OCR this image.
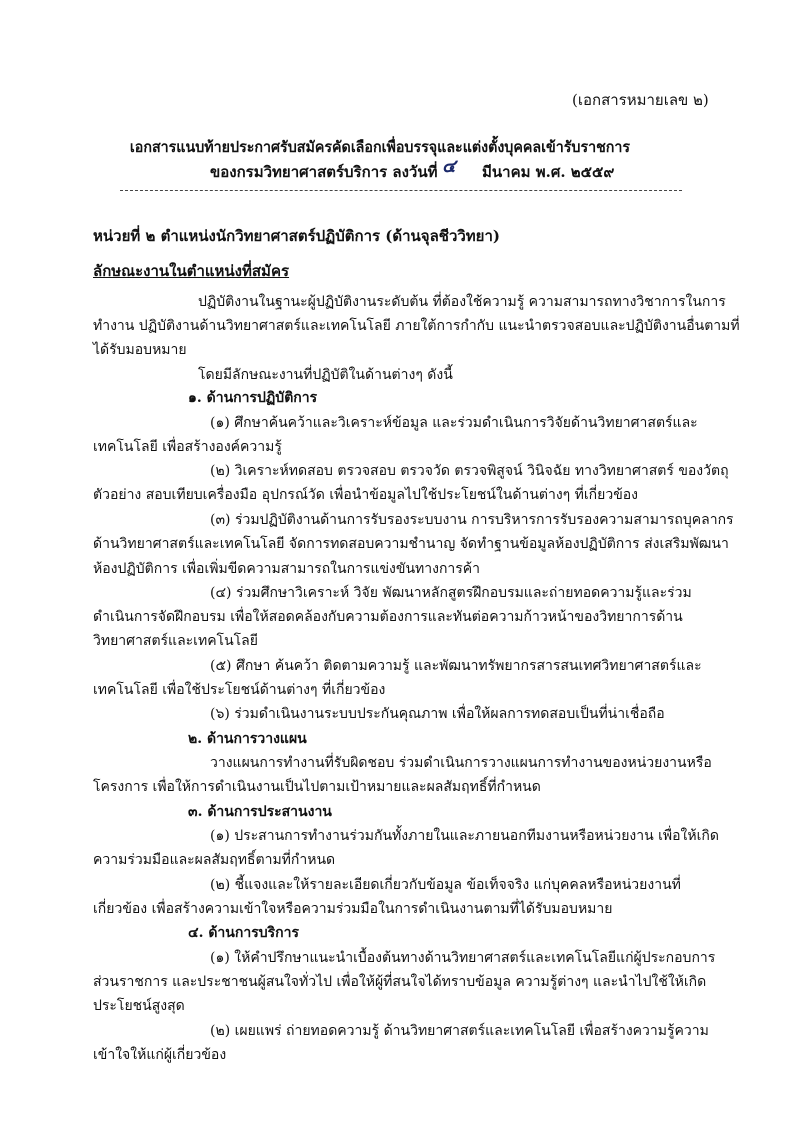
(เอกสารหมายเลข ๒)
เอกสารแนบท้ายประกาศรับสมัครคัดเลือกเพื่อบรรจุและแต่งตั้งบุคคลเข้ารับราชการ
ของกรมวิทยาศาสตร์บริการ ลงวันที่ ๔ มีนาคม พ.ศ. ๒๕๕๙
หน่วยที่ ๒ ตำแหน่งนักวิทยาศาสตร์ปฏิบัติการ (ด้านจุลชีววิทยา)
ลักษณะงานในตำแหน่งที่สมัคร
ปฏิบัติงานในฐานะผู้ปฏิบัติงานระดับต้น ที่ต้องใช้ความรู้ ความสามารถทางวิชาการในการ
ทำงาน ปฏิบัติงานด้านวิทยาศาสตร์และเทคโนโลยี ภายใต้การกำกับ แนะนำตรวจสอบและปฏิบัติงานอื่นตามที่
ได้รับมอบหมาย
โดยมีลักษณะงานที่ปฏิบัติในด้านต่างๆ ดังนี้
๑. ด้านการปฏิบัติการ
(๑) ศึกษาค้นคว้าและวิเคราะห์ข้อมูล และร่วมดำเนินการวิจัยด้านวิทยาศาสตร์และ
เทคโนโลยี เพื่อสร้างองค์ความรู้
(๒) วิเคราะห์ทดสอบ ตรวจสอบ ตรวจวัด ตรวจพิสูจน์ วินิจฉัย ทางวิทยาศาสตร์ ของวัตถุ
ตัวอย่าง สอบเทียบเครื่องมือ อุปกรณ์วัด เพื่อนำข้อมูลไปใช้ประโยชน์ในด้านต่างๆ ที่เกี่ยวข้อง
(๓) ร่วมปฏิบัติงานด้านการรับรองระบบงาน การบริหารการรับรองความสามารถบุคลากร
ด้านวิทยาศาสตร์และเทคโนโลยี จัดการทดสอบความชำนาญ จัดทำฐานข้อมูลห้องปฏิบัติการ ส่งเสริมพัฒนา
ห้องปฏิบัติการ เพื่อเพิ่มขีดความสามารถในการแข่งขันทางการค้า
(๔) ร่วมศึกษาวิเคราะห์ วิจัย พัฒนาหลักสูตรฝึกอบรมและถ่ายทอดความรู้และร่วม
ดำเนินการจัดฝึกอบรม เพื่อให้สอดคล้องกับความต้องการและทันต่อความก้าวหน้าของวิทยาการด้าน
วิทยาศาสตร์และเทคโนโลยี
(๕) ศึกษา ค้นคว้า ติดตามความรู้ และพัฒนาทรัพยากรสารสนเทศวิทยาศาสตร์และ
เทคโนโลยี เพื่อใช้ประโยชน์ด้านต่างๆ ที่เกี่ยวข้อง
(๖) ร่วมดำเนินงานระบบประกันคุณภาพ เพื่อให้ผลการทดสอบเป็นที่น่าเชื่อถือ
๒. ด้านการวางแผน
วางแผนการทำงานที่รับผิดชอบ ร่วมดำเนินการวางแผนการทำงานของหน่วยงานหรือ
โครงการ เพื่อให้การดำเนินงานเป็นไปตามเป้าหมายและผลสัมฤทธิ์ที่กำหนด
๓. ด้านการประสานงาน
(๑) ประสานการทำงานร่วมกันทั้งภายในและภายนอกทีมงานหรือหน่วยงาน เพื่อให้เกิด
ความร่วมมือและผลสัมฤทธิ์ตามที่กำหนด
(๒) ชี้แจงและให้รายละเอียดเกี่ยวกับข้อมูล ข้อเท็จจริง แก่บุคคลหรือหน่วยงานที่
เกี่ยวข้อง เพื่อสร้างความเข้าใจหรือความร่วมมือในการดำเนินงานตามที่ได้รับมอบหมาย
๔. ด้านการบริการ
(๑) ให้คำปรึกษาแนะนำเบื้องต้นทางด้านวิทยาศาสตร์และเทคโนโลยีแก่ผู้ประกอบการ
ส่วนราชการ และประชาชนผู้สนใจทั่วไป เพื่อให้ผู้ที่สนใจได้ทราบข้อมูล ความรู้ต่างๆ และนำไปใช้ให้เกิด
ประโยชน์สูงสุด
(๒) เผยแพร่ ถ่ายทอดความรู้ ด้านวิทยาศาสตร์และเทคโนโลยี เพื่อสร้างความรู้ความ
เข้าใจให้แก่ผู้เกี่ยวข้อง
